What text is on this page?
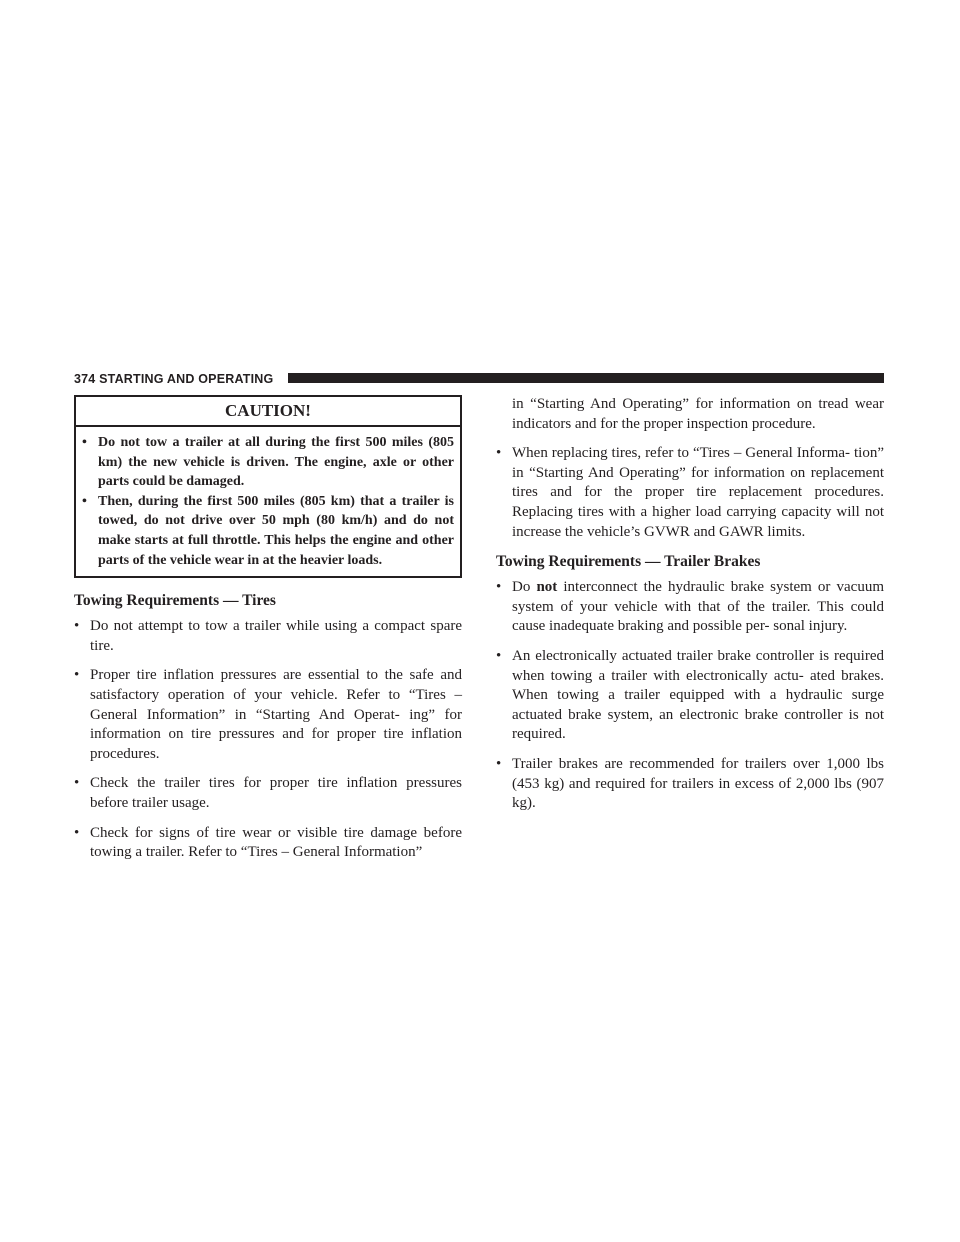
374 STARTING AND OPERATING
CAUTION!
• Do not tow a trailer at all during the first 500 miles (805 km) the new vehicle is driven. The engine, axle or other parts could be damaged.
• Then, during the first 500 miles (805 km) that a trailer is towed, do not drive over 50 mph (80 km/h) and do not make starts at full throttle. This helps the engine and other parts of the vehicle wear in at the heavier loads.
Towing Requirements — Tires
• Do not attempt to tow a trailer while using a compact spare tire.
• Proper tire inflation pressures are essential to the safe and satisfactory operation of your vehicle. Refer to “Tires – General Information” in “Starting And Operat- ing” for information on tire pressures and for proper tire inflation procedures.
• Check the trailer tires for proper tire inflation pressures before trailer usage.
• Check for signs of tire wear or visible tire damage before towing a trailer. Refer to “Tires – General Information”

in “Starting And Operating” for information on tread wear indicators and for the proper inspection procedure.

• When replacing tires, refer to “Tires – General Informa- tion” in “Starting And Operating” for information on replacement tires and for the proper tire replacement procedures. Replacing tires with a higher load carrying capacity will not increase the vehicle’s GVWR and GAWR limits.
Towing Requirements — Trailer Brakes
• Do not interconnect the hydraulic brake system or vacuum system of your vehicle with that of the trailer. This could cause inadequate braking and possible per- sonal injury.
• An electronically actuated trailer brake controller is required when towing a trailer with electronically actu- ated brakes. When towing a trailer equipped with a hydraulic surge actuated brake system, an electronic brake controller is not required.
• Trailer brakes are recommended for trailers over 1,000 lbs (453 kg) and required for trailers in excess of 2,000 lbs (907 kg).
